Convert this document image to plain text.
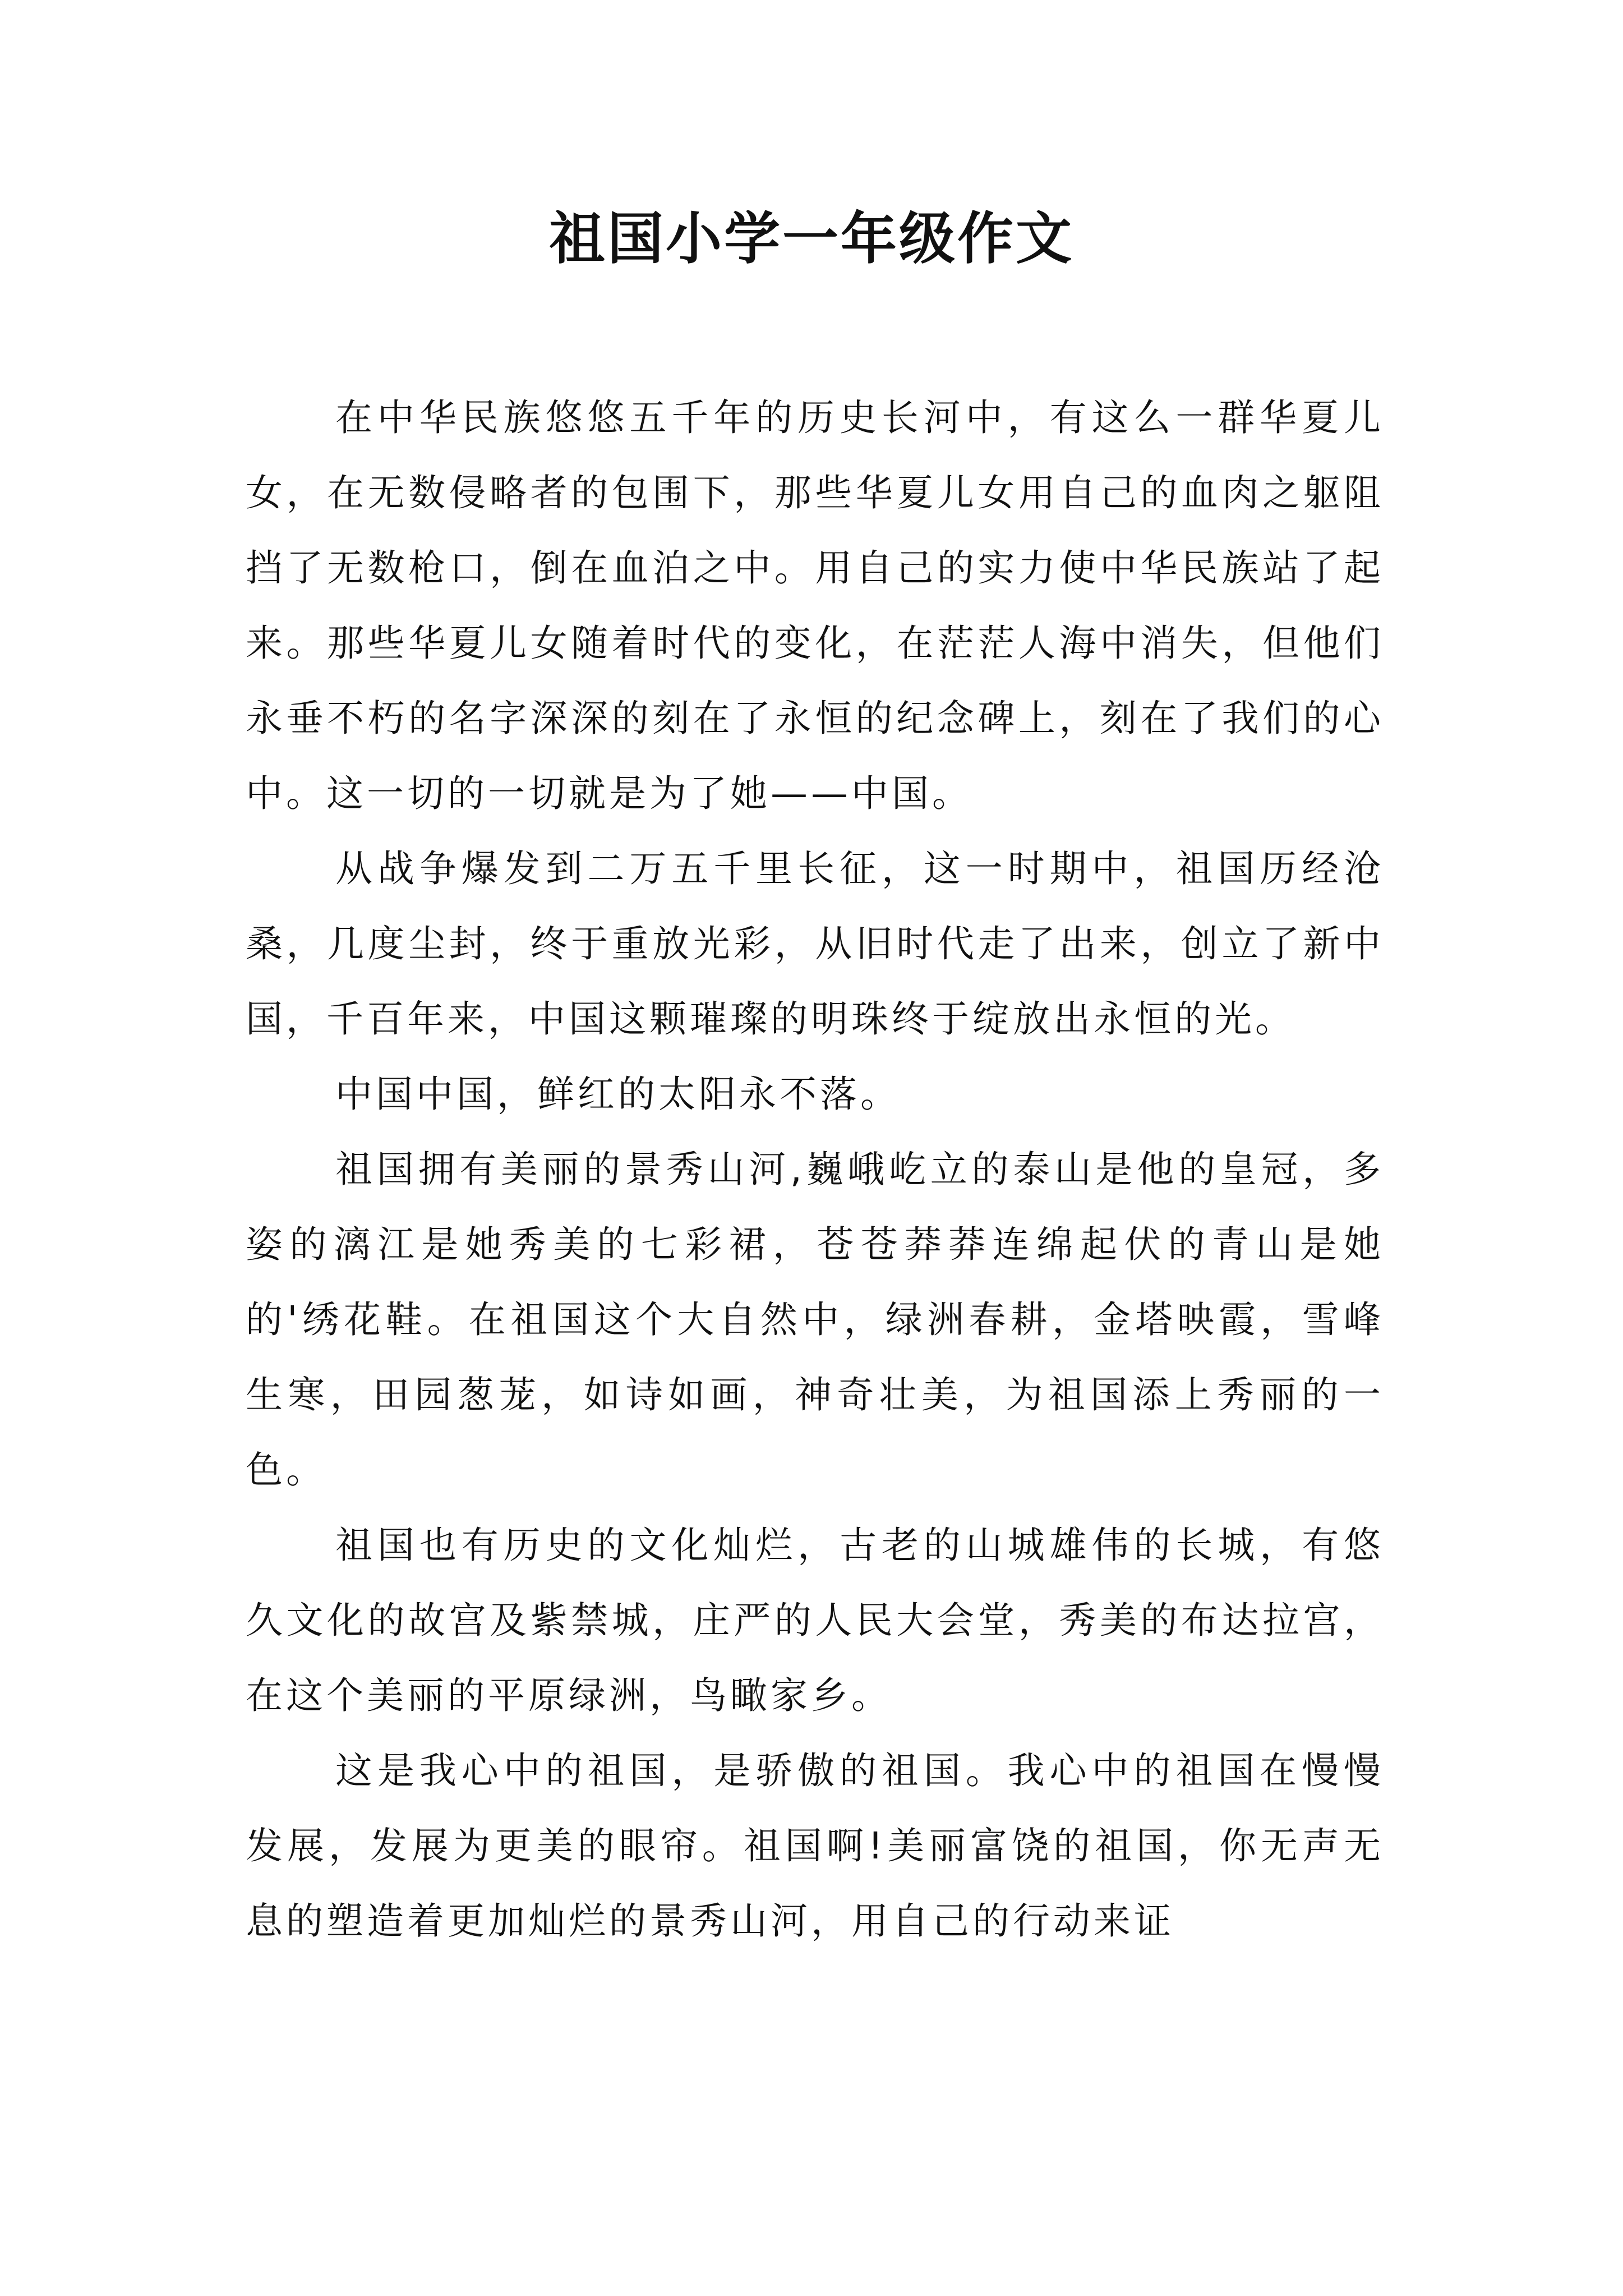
祖国小学一年级作文

在中华民族悠悠五千年的历史长河中，有这么一群华夏儿女，在无数侵略者的包围下，那些华夏儿女用自己的血肉之躯阻挡了无数枪口，倒在血泊之中。用自己的实力使中华民族站了起来。那些华夏儿女随着时代的变化，在茫茫人海中消失，但他们永垂不朽的名字深深的刻在了永恒的纪念碑上，刻在了我们的心中。这一切的一切就是为了她——中国。

从战争爆发到二万五千里长征，这一时期中，祖国历经沧桑，几度尘封，终于重放光彩，从旧时代走了出来，创立了新中国，千百年来，中国这颗璀璨的明珠终于绽放出永恒的光。

中国中国，鲜红的太阳永不落。

祖国拥有美丽的景秀山河,巍峨屹立的泰山是他的皇冠，多姿的漓江是她秀美的七彩裙，苍苍莽莽连绵起伏的青山是她的'绣花鞋。在祖国这个大自然中，绿洲春耕，金塔映霞，雪峰生寒，田园葱茏，如诗如画，神奇壮美，为祖国添上秀丽的一色。

祖国也有历史的文化灿烂，古老的山城雄伟的长城，有悠久文化的故宫及紫禁城，庄严的人民大会堂，秀美的布达拉宫，在这个美丽的平原绿洲，鸟瞰家乡。

这是我心中的祖国，是骄傲的祖国。我心中的祖国在慢慢发展，发展为更美的眼帘。祖国啊!美丽富饶的祖国，你无声无息的塑造着更加灿烂的景秀山河，用自己的行动来证
